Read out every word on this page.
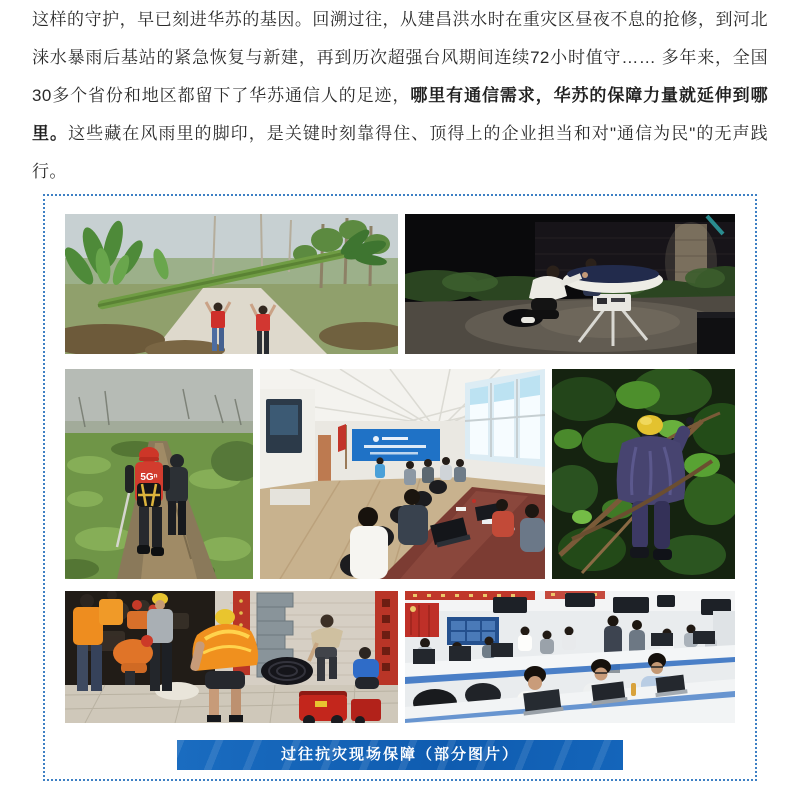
这样的守护，早已刻进华苏的基因。回溯过往，从建昌洪水时在重灾区昼夜不息的抢修，到河北涞水暴雨后基站的紧急恢复与新建，再到历次超强台风期间连续72小时值守…… 多年来，全国30多个省份和地区都留下了华苏通信人的足迹，哪里有通信需求，华苏的保障力量就延伸到哪里。这些藏在风雨里的脚印，是关键时刻靠得住、顶得上的企业担当和对"通信为民"的无声践行。

5Gⁿ
过往抗灾现场保障（部分图片）
